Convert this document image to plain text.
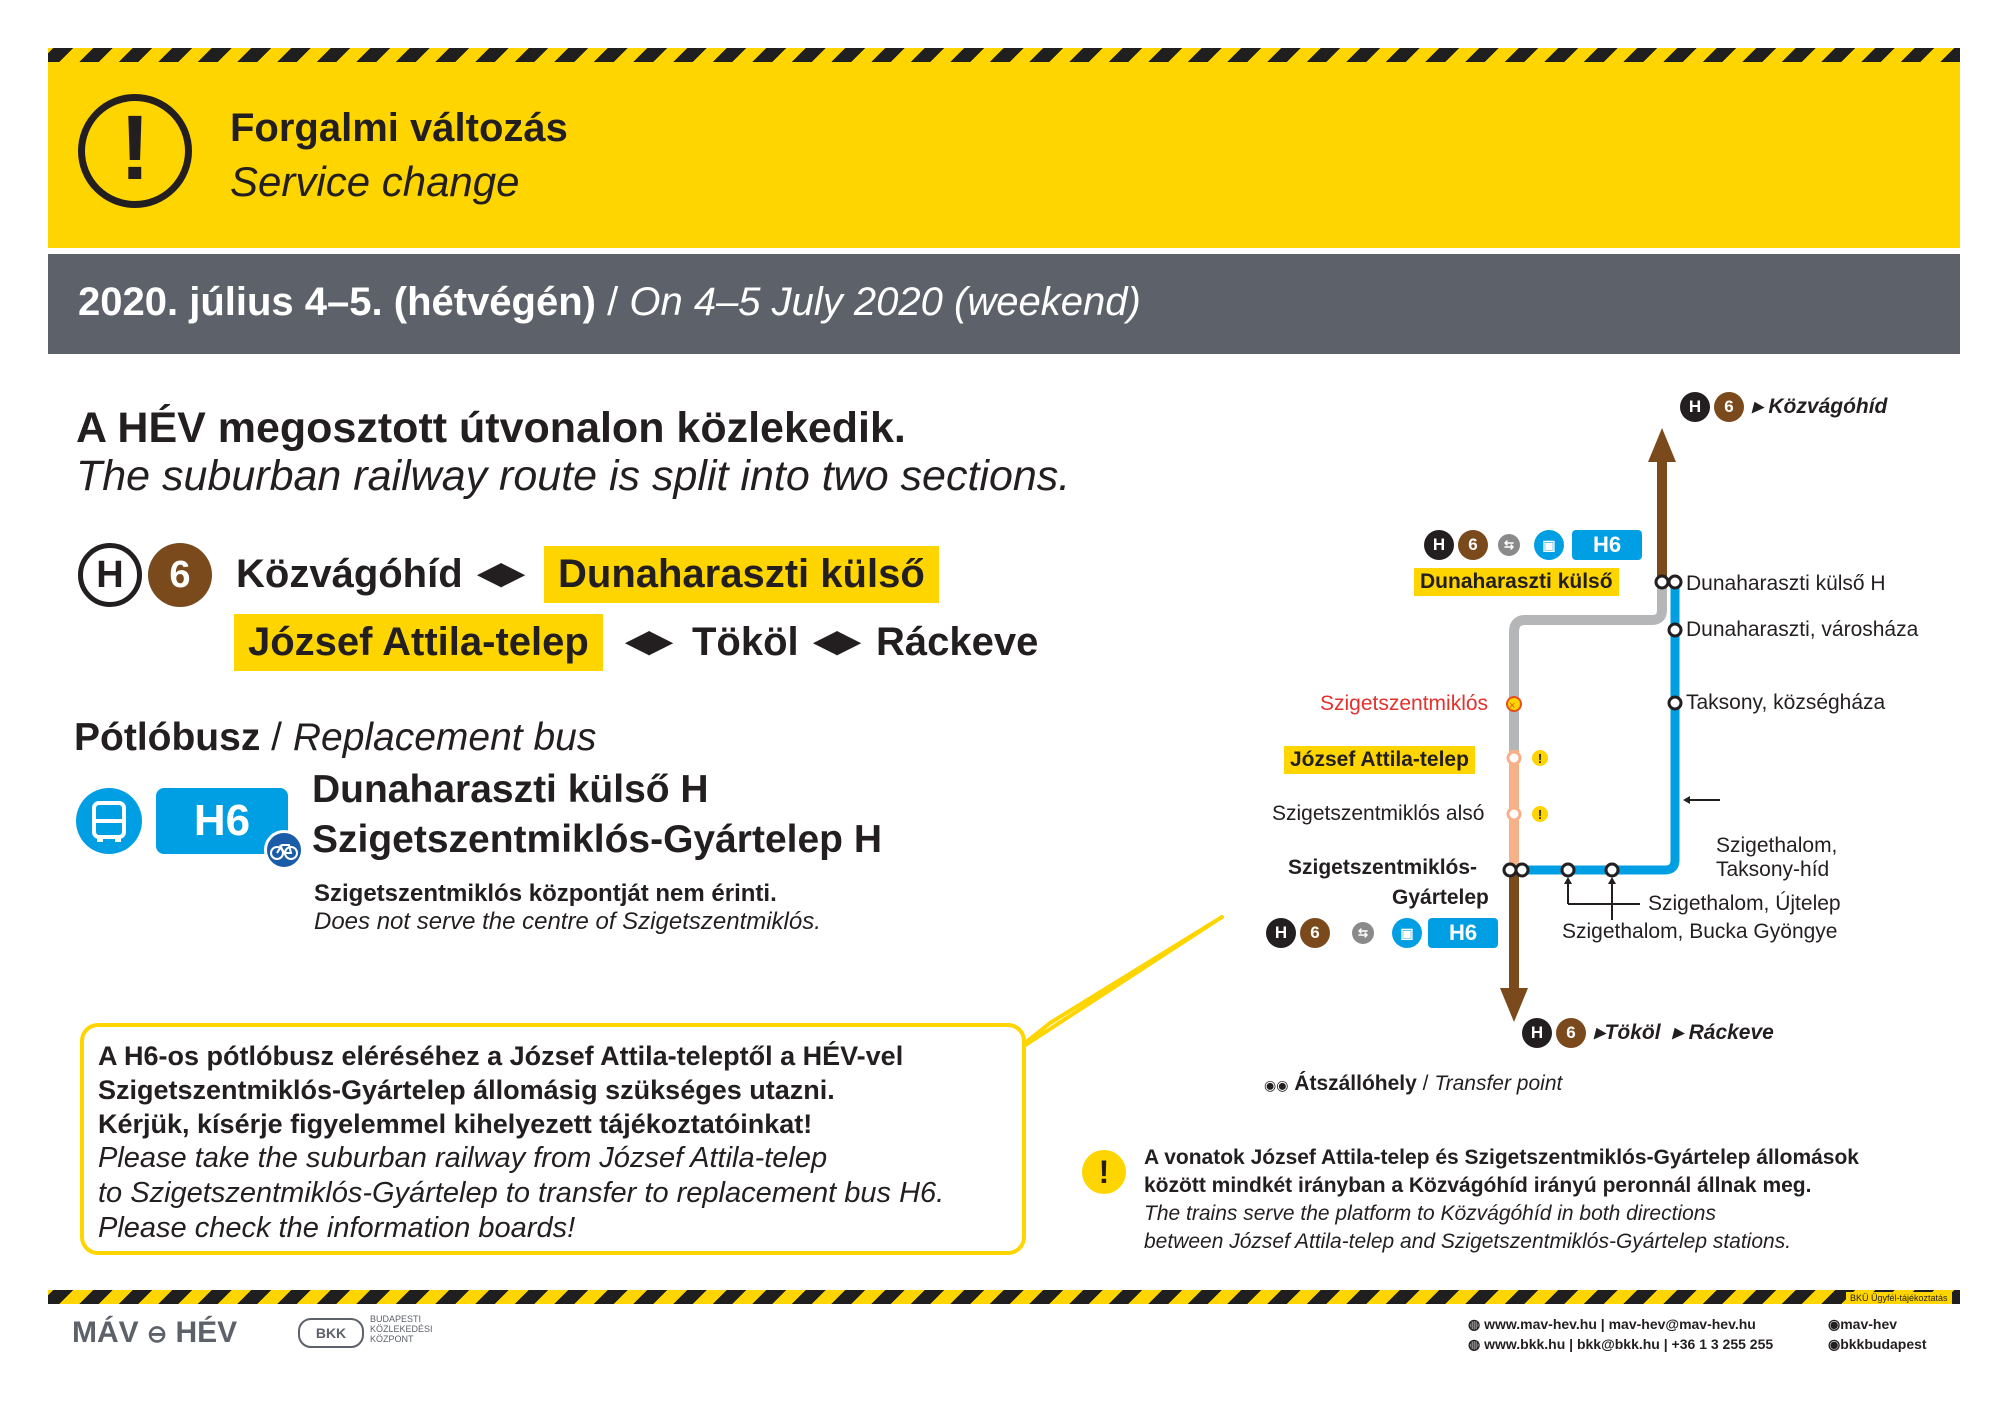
! Forgalmi változás
Service change
2020. július 4–5. (hétvégén) / On 4–5 July 2020 (weekend)
A HÉV megosztott útvonalon közlekedik.
The suburban railway route is split into two sections.
H 6 Közvágóhíd ◀▶ Dunaharaszti külső
József Attila-telep	◀▶ Tököl ◀▶ Ráckeve
Pótlóbusz / Replacement bus
H6
Dunaharaszti külső H
Szigetszentmiklós-Gyártelep H
Szigetszentmiklós központját nem érinti.
Does not serve the centre of Szigetszentmiklós.
A H6-os pótlóbusz eléréséhez a József Attila-teleptől a HÉV-vel
Szigetszentmiklós-Gyártelep állomásig szükséges utazni.
Kérjük, kísérje figyelemmel kihelyezett tájékoztatóinkat!
Please take the suburban railway from József Attila-telep
to Szigetszentmiklós-Gyártelep to transfer to replacement bus H6.
Please check the information boards!
×
H 6 ▸ Közvágóhíd
H 6	⇆	▣	H6
Dunaharaszti külső	Dunaharaszti külső H
Dunaharaszti, városháza
Taksony, községháza
Szigethalom,
Taksony-híd
Szigethalom, Újtelep
Szigethalom, Bucka Gyöngye
Szigetszentmiklós
József Attila-telep	!
Szigetszentmiklós alsó	!
Szigetszentmiklós-
Gyártelep
H 6	⇆	▣	H6
H 6 ▸Tököl  ▸ Ráckeve
◉◉ Átszállóhely / Transfer point
!	A vonatok József Attila-telep és Szigetszentmiklós-Gyártelep állomások
között mindkét irányban a Közvágóhíd irányú peronnál állnak meg.
The trains serve the platform to Közvágóhíd in both directions
between József Attila-telep and Szigetszentmiklós-Gyártelep stations.
BKÜ Ügyfél-tájékoztatás
MÁV ⊖ HÉV	BKK
BUDAPESTI
KÖZLEKEDÉSI
KÖZPONT
◍ www.mav-hev.hu | mav-hev@mav-hev.hu
◍ www.bkk.hu | bkk@bkk.hu | +36 1 3 255 255
◉mav-hev
◉bkkbudapest
